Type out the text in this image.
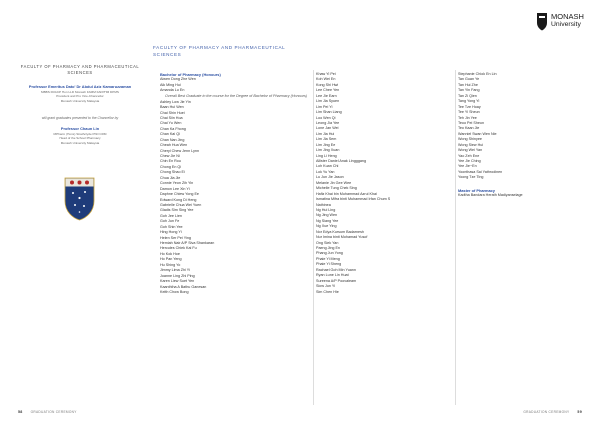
FACULTY OF PHARMACY AND PHARMACEUTICAL
SCIENCES
Professor Emeritus Dato' Dr Abdul Aziz Kamaruzzaman
MBBS FRACP Hon LLD Monash FAMM FAFPHM DPMS
President and Pro Vice-Chancellor
Monash University Malaysia
will grant graduates presented to the Chancellor by
Professor Chaun Lin
MPharm (Hons) Strathclyde PhD CRM
Head of the School Pharmacy
Monash University Malaysia
MONASH
University
FACULTY OF PHARMACY AND PHARMACEUTICAL
SCIENCES
Bachelor of Pharmacy (Honours)
Aiwen Dong Zhe Wen
Aik Ming Hui
Amanda Lu En
Overall Best Graduate in the course for the Degree of Bachelor of Pharmacy (Honours)
Ashley Low Jie Yin
Baan Hui Wen
Chai Shin Huei
Chai Siin Hoa
Chai Yu Wen
Chan Ka Fhong
Chan Kai Qi
Chan Nan Jing
Cheah Hua Wen
Cheryl Chew Jenn Lynn
Chew Jie Ni
Chin En Rou
Chong En Qi
Chong Shao Ei
Chua Jia Jie
Connie Yeon Zih Yin
Damon Lee Xin Yi
Daphne Chiew Yong Ee
Edward Kong Di Heng
Gabrielle Chua Wei Yuen
Gladis Sim Sing Yee
Goh Jee Lien
Goh Jun Fe
Goh Shin Yee
Hing Hong Yi
Helen Ser Pei Ying
Hemiah Nair A/P Siva Shankaran
Hercules Chiek Kai Fu
Ho Kok Hoe
Ho Pan Yeng
Hu Shing Yo
Jimmy Lima Zhi Yi
Joanne Ling Zhi Ping
Karen Liew Suet Yen
Kaanthiha A Bathu Ganesan
Keith Chow Bong
Khaw Yi Pei
Koh Wei En
Kong Shi Hwi
Lee Chee Yen
Lee Jie Earn
Lim Jia Syuen
Lim Pei Yi
Lim Shan Liang
Loo Wen Qi
Leong Jia Yee
Lone Jan Wei
Lim Jia Hui
Lim Jia Sem
Lim Jing Ee
Lim Jing Xuan
Ling Li Heng
Allister Daniel Anak Lingggang
Loh Kuan Chi
Lok Yu Yan
Lu Jun Jie Jason
Melanie Jin Gee Wee
Michelle Tung Chek Sing
Hafiz Khai bin Muhammad Azrul Khai
Ismatina Mifra binti Muhammad Irfan Chum S
Nathinea
Ng Hui Ling
Ng Jing Wen
Ng Siang Yee
Ng Xue Ying
Nor Edya Kursum Badarnesh
Nur Imina binti Mohamad Yusof
Ong Siek Yan
Paeng Jing En
Phang Jun Yong
Phaie Yi Meng
Phaie Yi Sheng
Rachael Goh Min Yuann
Ryan Lune Lin Huat
Sureena A/P Poovaleam
Siow Jun Yi
Sim Chen Hie
Stephanie Chiok En Lin
Tan Guan Ye
Tan Hui Zhe
Tan Yin Fang
Tan Zi Qien
Tang Yong Yi
Tee Tze Hoay
Tee Yi Sheun
Teh Jin Yee
Teoo Pei Sheun
Teo Kaan Jie
Wanniel Swan Wen Nie
Wong Shinyee
Wong Siew Hui
Wong Wei Yan
Yao Zeh Ene
Yee Jie Ching
Yee Jie~En
Yoonthasa Sai Yathrodinen
Yoong Tze Ting
Master of Pharmacy
Kadtha Bandara Herath Madiyanselage
58	GRADUATION CEREMONY	GRADUATION CEREMONY 59
